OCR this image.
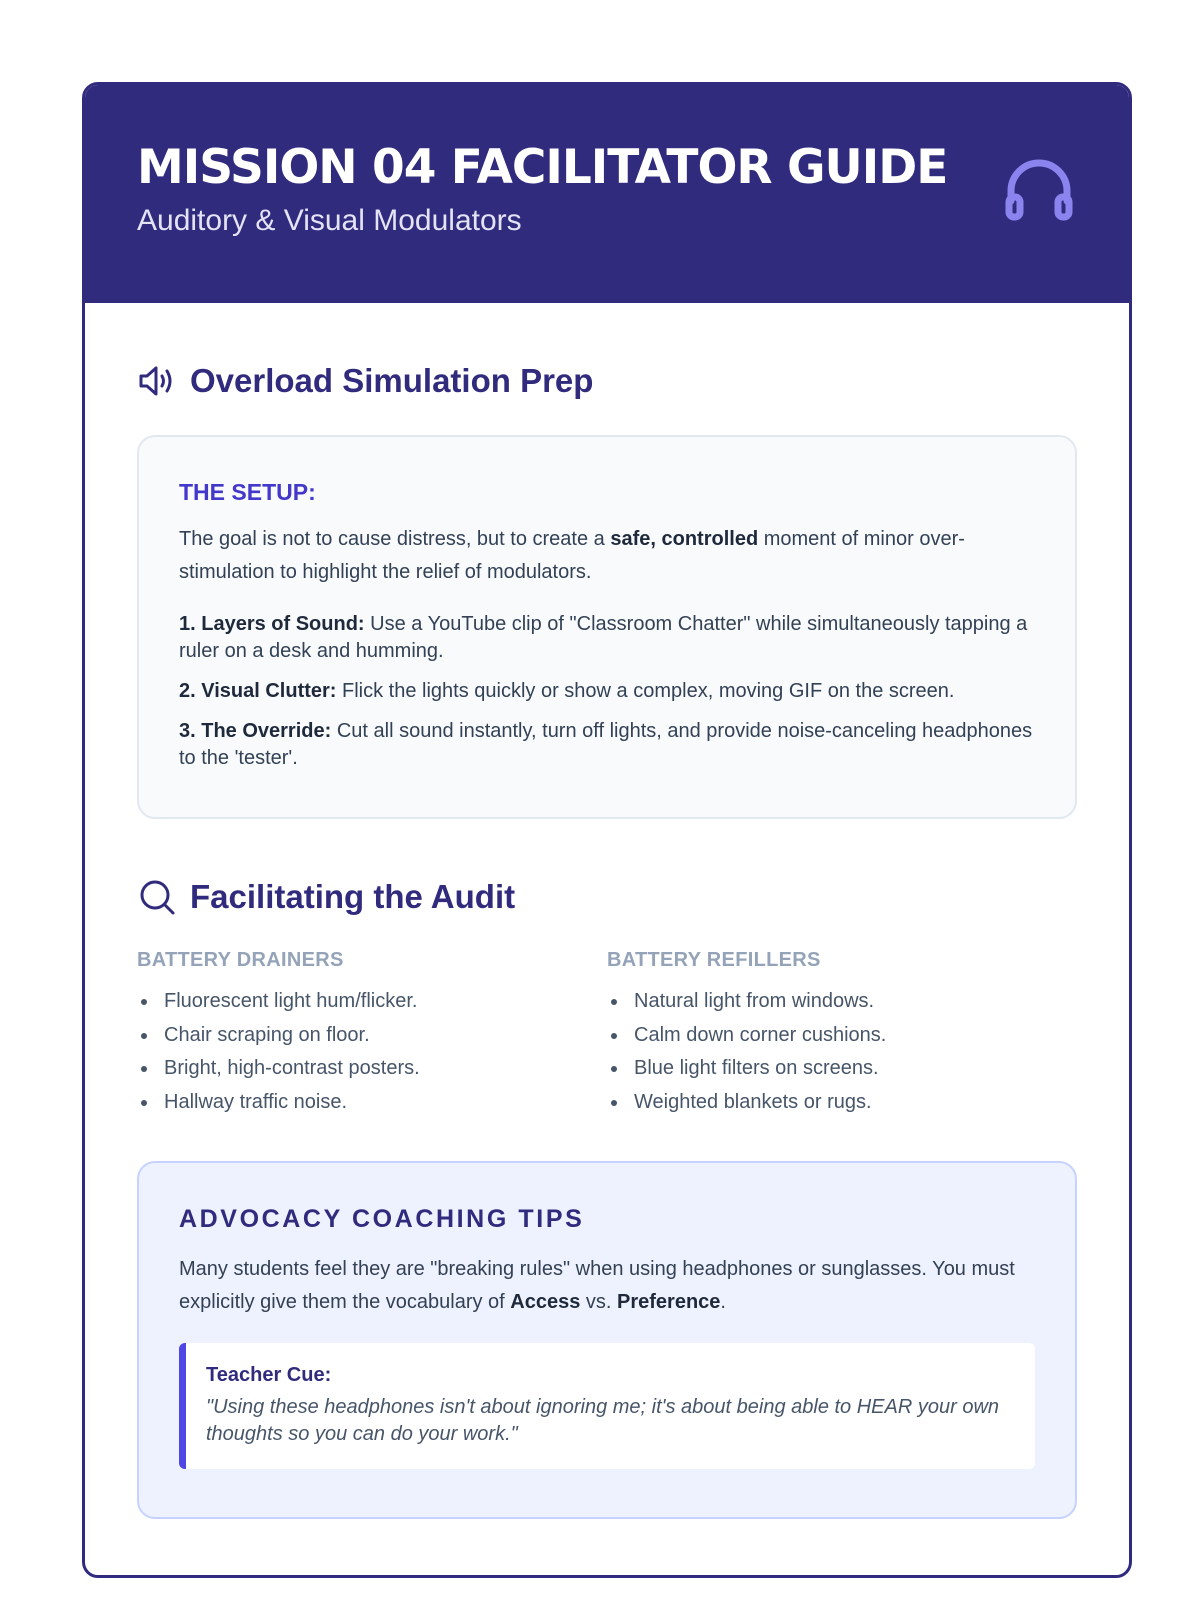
MISSION 04 FACILITATOR GUIDE
Auditory & Visual Modulators
Overload Simulation Prep
THE SETUP:

The goal is not to cause distress, but to create a safe, controlled moment of minor over-stimulation to highlight the relief of modulators.

1. Layers of Sound: Use a YouTube clip of "Classroom Chatter" while simultaneously tapping a ruler on a desk and humming.

2. Visual Clutter: Flick the lights quickly or show a complex, moving GIF on the screen.

3. The Override: Cut all sound instantly, turn off lights, and provide noise-canceling headphones to the 'tester'.

Facilitating the Audit
BATTERY DRAINERS
Fluorescent light hum/flicker.
Chair scraping on floor.
Bright, high-contrast posters.
Hallway traffic noise.
BATTERY REFILLERS
Natural light from windows.
Calm down corner cushions.
Blue light filters on screens.
Weighted blankets or rugs.
ADVOCACY COACHING TIPS

Many students feel they are "breaking rules" when using headphones or sunglasses. You must explicitly give them the vocabulary of Access vs. Preference.

Teacher Cue:
"Using these headphones isn't about ignoring me; it's about being able to HEAR your own thoughts so you can do your work."
